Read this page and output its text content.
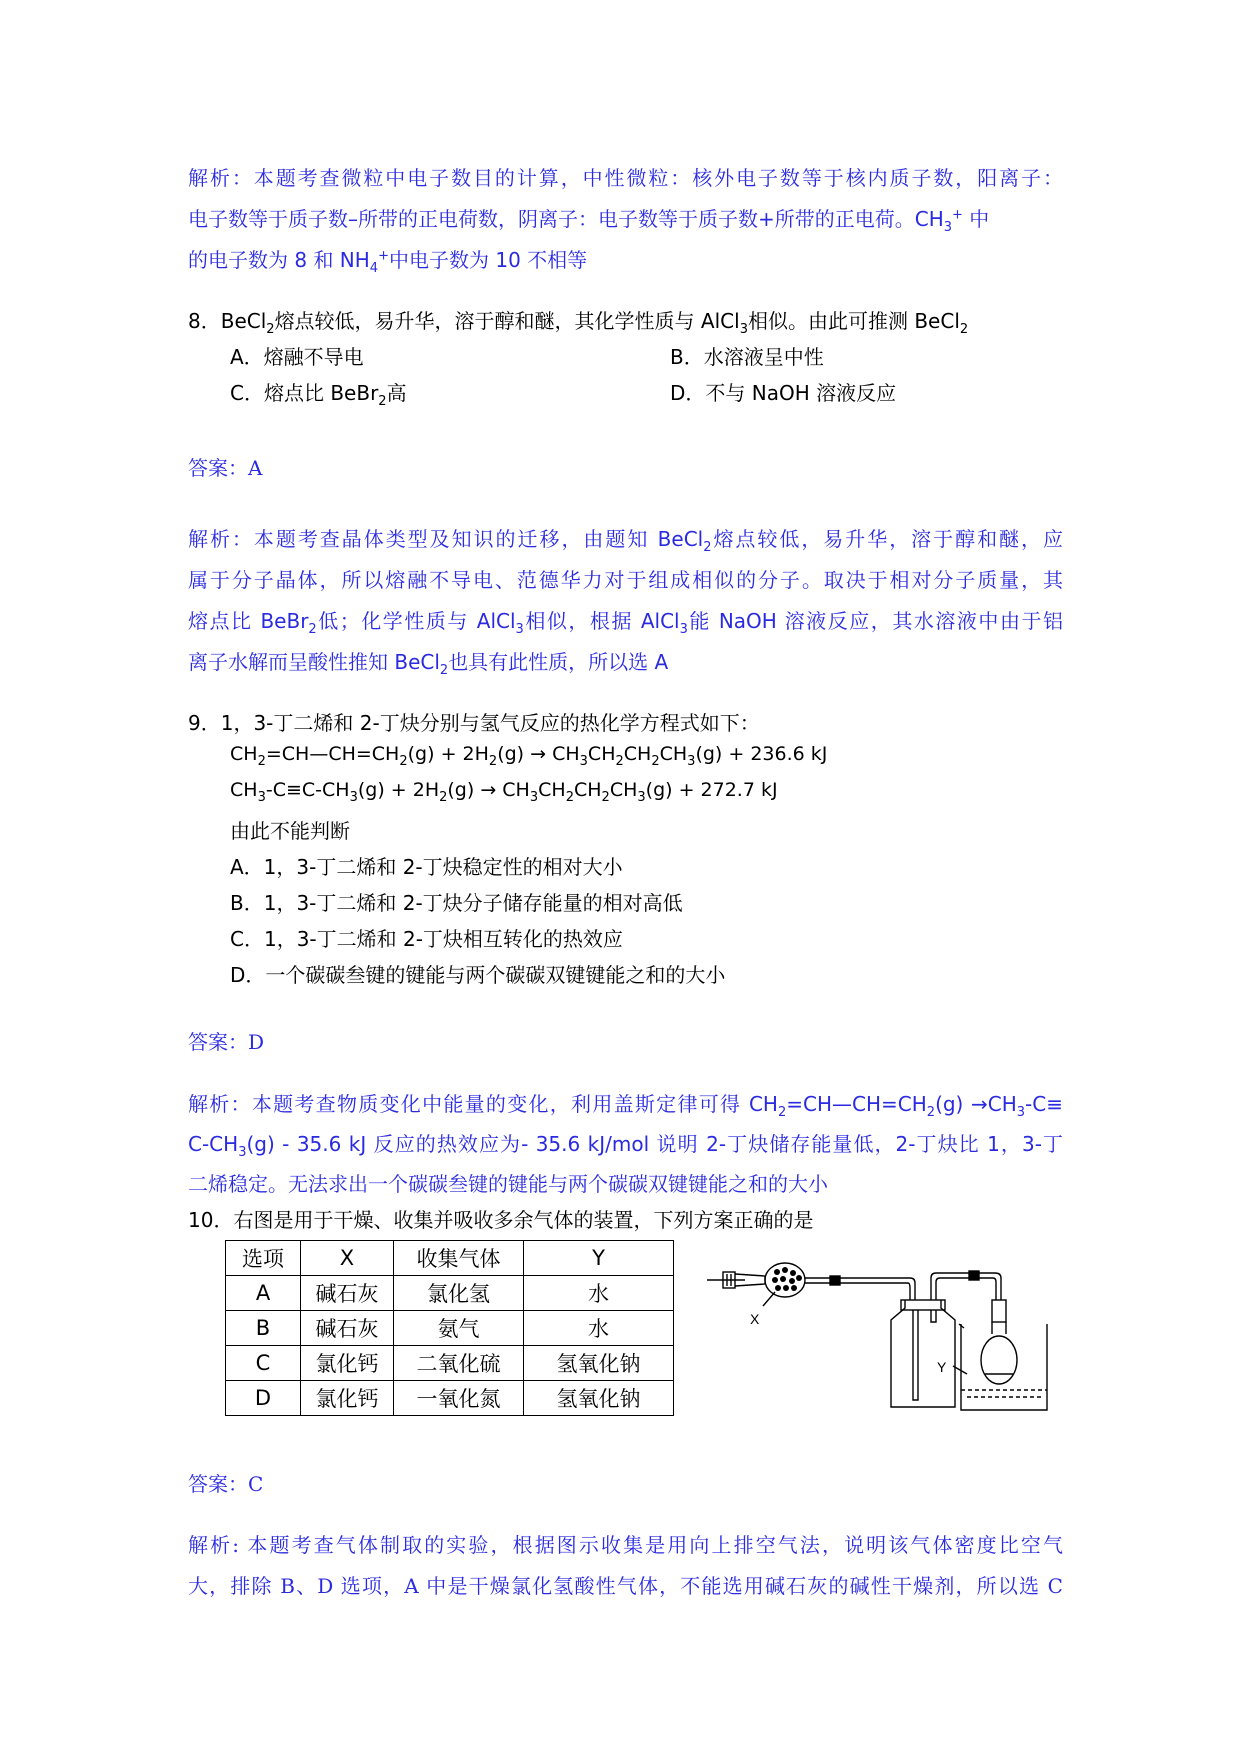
解析：本题考查微粒中电子数目的计算，中性微粒：核外电子数等于核内质子数，阳离子：
电子数等于质子数–所带的正电荷数，阴离子：电子数等于质子数+所带的正电荷。$CH_3^+$ 中
的电子数为 8 和 $NH_4^+$中电子数为 10 不相等
8．BeCl$_2$熔点较低，易升华，溶于醇和醚，其化学性质与 AlCl$_3$相似。由此可推测 BeCl$_2$
A．熔融不导电	B．水溶液呈中性
C．熔点比 BeBr$_2$高	D．不与 NaOH 溶液反应
答案：A
解析：本题考查晶体类型及知识的迁移，由题知 BeCl$_2$熔点较低，易升华，溶于醇和醚，应
属于分子晶体，所以熔融不导电、范德华力对于组成相似的分子。取决于相对分子质量，其
熔点比 BeBr$_2$低；化学性质与 AlCl$_3$相似，根据 AlCl$_3$能 NaOH 溶液反应，其水溶液中由于铝
离子水解而呈酸性推知 BeCl$_2$也具有此性质，所以选 A
9．1，3-丁二烯和 2-丁炔分别与氢气反应的热化学方程式如下：
$CH_2=CH—CH=CH_2(g) + 2H_2(g) \to CH_3CH_2CH_2CH_3(g) + 236.6$ kJ
$CH_3-C\equiv C-CH_3(g) + 2H_2(g) \to CH_3CH_2CH_2CH_3(g) + 272.7$ kJ
由此不能判断
A．1，3-丁二烯和 2-丁炔稳定性的相对大小
B．1，3-丁二烯和 2-丁炔分子储存能量的相对高低
C．1，3-丁二烯和 2-丁炔相互转化的热效应
D．一个碳碳叁键的键能与两个碳碳双键键能之和的大小
答案：D
解析：本题考查物质变化中能量的变化，利用盖斯定律可得 $CH_2=CH—CH=CH_2(g) \to CH_3-C\equiv$
$C-CH_3(g) - 35.6$ kJ 反应的热效应为- 35.6 kJ/mol 说明 2-丁炔储存能量低，2-丁炔比 1，3-丁
二烯稳定。无法求出一个碳碳叁键的键能与两个碳碳双键键能之和的大小
10．右图是用于干燥、收集并吸收多余气体的装置，下列方案正确的是
选项	X	收集气体	Y
A	碱石灰	氯化氢	水
B	碱石灰	氨气	水
C	氯化钙	二氧化硫	氢氧化钠
D	氯化钙	一氧化氮	氢氧化钠
X
Y
答案：C
解析: 本题考查气体制取的实验，根据图示收集是用向上排空气法，说明该气体密度比空气
大，排除 B、D 选项，A 中是干燥氯化氢酸性气体，不能选用碱石灰的碱性干燥剂，所以选 C
